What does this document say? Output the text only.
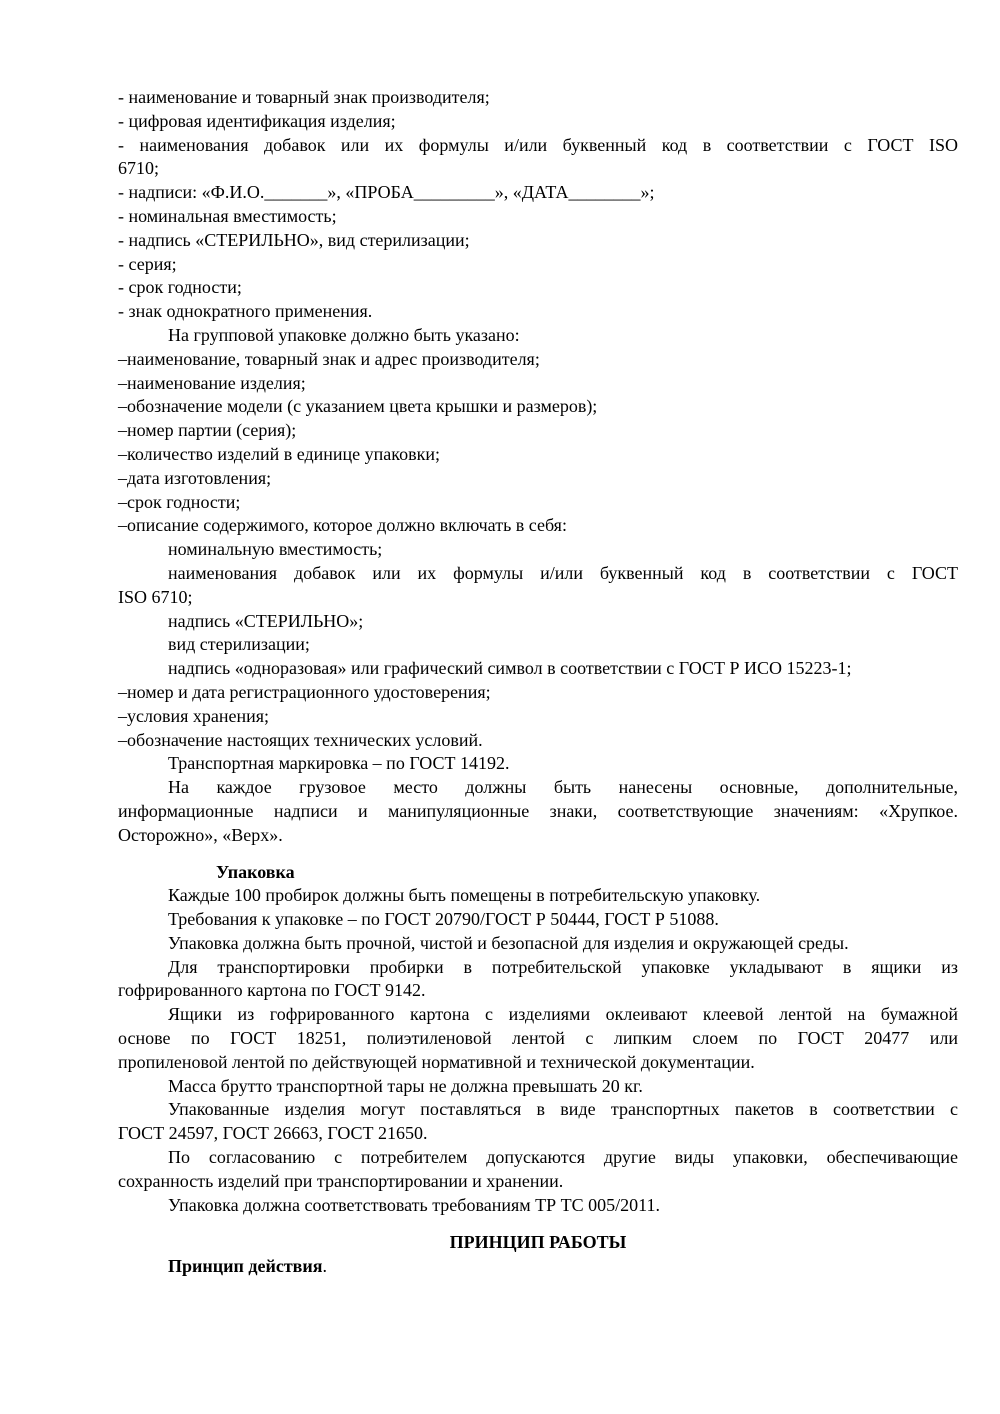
- наименование и товарный знак производителя;

- цифровая идентификация изделия;

- наименования добавок или их формулы и/или буквенный код в соответствии с ГОСТ ISO6710;

- надписи: «Ф.И.О._______», «ПРОБА_________», «ДАТА________»;

- номинальная вместимость;

- надпись «СТЕРИЛЬНО», вид стерилизации;

- серия;

- срок годности;

- знак однократного применения.

На групповой упаковке должно быть указано:

–наименование, товарный знак и адрес производителя;

–наименование изделия;

–обозначение модели (с указанием цвета крышки и размеров);

–номер партии (серия);

–количество изделий в единице упаковки;

–дата изготовления;

–срок годности;

–описание содержимого, которое должно включать в себя:

номинальную вместимость;

наименования добавок или их формулы и/или буквенный код в соответствии с ГОСТISO 6710;

надпись «СТЕРИЛЬНО»;

вид стерилизации;

надпись «одноразовая» или графический символ в соответствии с ГОСТ Р ИСО 15223-1;

–номер и дата регистрационного удостоверения;

–условия хранения;

–обозначение настоящих технических условий.

Транспортная маркировка – по ГОСТ 14192.

На каждое грузовое место должны быть нанесены основные, дополнительные,информационные надписи и манипуляционные знаки, соответствующие значениям: «Хрупкое.Осторожно», «Верх».

Упаковка

Каждые 100 пробирок должны быть помещены в потребительскую упаковку.

Требования к упаковке – по ГОСТ 20790/ГОСТ Р 50444, ГОСТ Р 51088.

Упаковка должна быть прочной, чистой и безопасной для изделия и окружающей среды.

Для транспортировки пробирки в потребительской упаковке укладывают в ящики изгофрированного картона по ГОСТ 9142.

Ящики из гофрированного картона с изделиями оклеивают клеевой лентой на бумажнойоснове по ГОСТ 18251, полиэтиленовой лентой с липким слоем по ГОСТ 20477 илипропиленовой лентой по действующей нормативной и технической документации.

Масса брутто транспортной тары не должна превышать 20 кг.

Упакованные изделия могут поставляться в виде транспортных пакетов в соответствии сГОСТ 24597, ГОСТ 26663, ГОСТ 21650.

По согласованию с потребителем допускаются другие виды упаковки, обеспечивающиесохранность изделий при транспортировании и хранении.

Упаковка должна соответствовать требованиям ТР ТС 005/2011.

ПРИНЦИП РАБОТЫ

Принцип действия.
